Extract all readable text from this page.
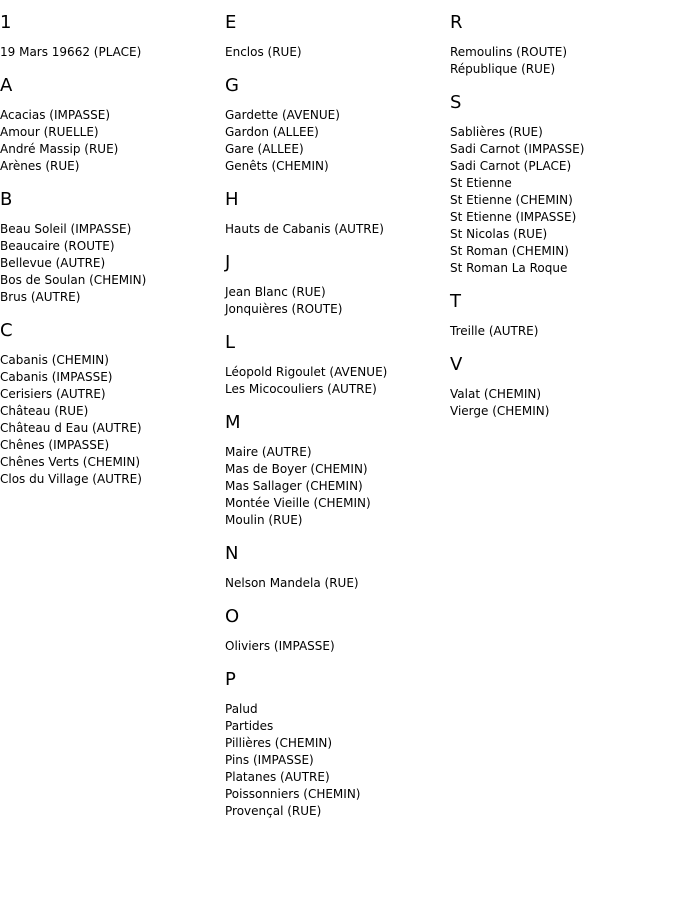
1
19 Mars 19662 (PLACE)
A
Acacias (IMPASSE)
Amour (RUELLE)
André Massip (RUE)
Arènes (RUE)
B
Beau Soleil (IMPASSE)
Beaucaire (ROUTE)
Bellevue (AUTRE)
Bos de Soulan (CHEMIN)
Brus (AUTRE)
C
Cabanis (CHEMIN)
Cabanis (IMPASSE)
Cerisiers (AUTRE)
Château (RUE)
Château d Eau (AUTRE)
Chênes (IMPASSE)
Chênes Verts (CHEMIN)
Clos du Village (AUTRE)
E
Enclos (RUE)
G
Gardette (AVENUE)
Gardon (ALLEE)
Gare (ALLEE)
Genêts (CHEMIN)
H
Hauts de Cabanis (AUTRE)
J
Jean Blanc (RUE)
Jonquières (ROUTE)
L
Léopold Rigoulet (AVENUE)
Les Micocouliers (AUTRE)
M
Maire (AUTRE)
Mas de Boyer (CHEMIN)
Mas Sallager (CHEMIN)
Montée Vieille (CHEMIN)
Moulin (RUE)
N
Nelson Mandela (RUE)
O
Oliviers (IMPASSE)
P
Palud
Partides
Pillières (CHEMIN)
Pins (IMPASSE)
Platanes (AUTRE)
Poissonniers (CHEMIN)
Provençal (RUE)
R
Remoulins (ROUTE)
République (RUE)
S
Sablières (RUE)
Sadi Carnot (IMPASSE)
Sadi Carnot (PLACE)
St Etienne
St Etienne (CHEMIN)
St Etienne (IMPASSE)
St Nicolas (RUE)
St Roman (CHEMIN)
St Roman La Roque
T
Treille (AUTRE)
V
Valat (CHEMIN)
Vierge (CHEMIN)
